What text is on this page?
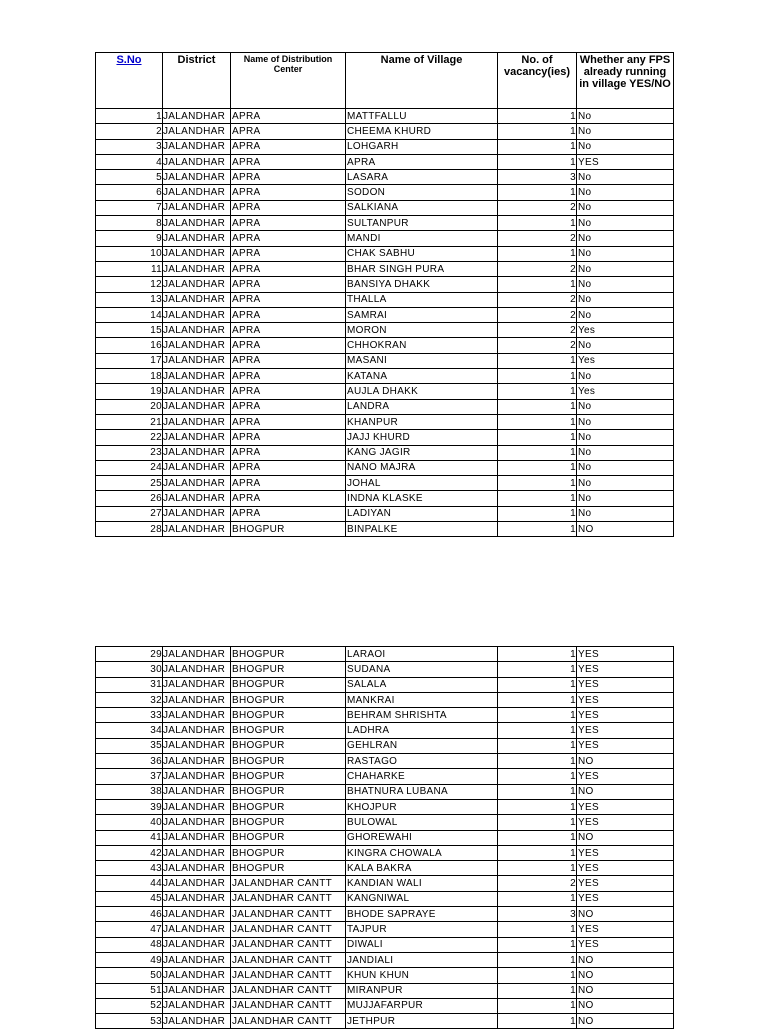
S.No	District	Name of Distribution Center	Name of Village	No. of vacancy(ies)	Whether any FPS already running in village YES/NO
1	JALANDHAR	APRA	MATTFALLU	1	No
2	JALANDHAR	APRA	CHEEMA KHURD	1	No
3	JALANDHAR	APRA	LOHGARH	1	No
4	JALANDHAR	APRA	APRA	1	YES
5	JALANDHAR	APRA	LASARA	3	No
6	JALANDHAR	APRA	SODON	1	No
7	JALANDHAR	APRA	SALKIANA	2	No
8	JALANDHAR	APRA	SULTANPUR	1	No
9	JALANDHAR	APRA	MANDI	2	No
10	JALANDHAR	APRA	CHAK SABHU	1	No
11	JALANDHAR	APRA	BHAR SINGH PURA	2	No
12	JALANDHAR	APRA	BANSIYA DHAKK	1	No
13	JALANDHAR	APRA	THALLA	2	No
14	JALANDHAR	APRA	SAMRAI	2	No
15	JALANDHAR	APRA	MORON	2	Yes
16	JALANDHAR	APRA	CHHOKRAN	2	No
17	JALANDHAR	APRA	MASANI	1	Yes
18	JALANDHAR	APRA	KATANA	1	No
19	JALANDHAR	APRA	AUJLA DHAKK	1	Yes
20	JALANDHAR	APRA	LANDRA	1	No
21	JALANDHAR	APRA	KHANPUR	1	No
22	JALANDHAR	APRA	JAJJ KHURD	1	No
23	JALANDHAR	APRA	KANG JAGIR	1	No
24	JALANDHAR	APRA	NANO MAJRA	1	No
25	JALANDHAR	APRA	JOHAL	1	No
26	JALANDHAR	APRA	INDNA KLASKE	1	No
27	JALANDHAR	APRA	LADIYAN	1	No
28	JALANDHAR	BHOGPUR	BINPALKE	1	NO
29	JALANDHAR	BHOGPUR	LARAOI	1	YES
30	JALANDHAR	BHOGPUR	SUDANA	1	YES
31	JALANDHAR	BHOGPUR	SALALA	1	YES
32	JALANDHAR	BHOGPUR	MANKRAI	1	YES
33	JALANDHAR	BHOGPUR	BEHRAM SHRISHTA	1	YES
34	JALANDHAR	BHOGPUR	LADHRA	1	YES
35	JALANDHAR	BHOGPUR	GEHLRAN	1	YES
36	JALANDHAR	BHOGPUR	RASTAGO	1	NO
37	JALANDHAR	BHOGPUR	CHAHARKE	1	YES
38	JALANDHAR	BHOGPUR	BHATNURA LUBANA	1	NO
39	JALANDHAR	BHOGPUR	KHOJPUR	1	YES
40	JALANDHAR	BHOGPUR	BULOWAL	1	YES
41	JALANDHAR	BHOGPUR	GHOREWAHI	1	NO
42	JALANDHAR	BHOGPUR	KINGRA CHOWALA	1	YES
43	JALANDHAR	BHOGPUR	KALA BAKRA	1	YES
44	JALANDHAR	JALANDHAR CANTT	KANDIAN WALI	2	YES
45	JALANDHAR	JALANDHAR CANTT	KANGNIWAL	1	YES
46	JALANDHAR	JALANDHAR CANTT	BHODE SAPRAYE	3	NO
47	JALANDHAR	JALANDHAR CANTT	TAJPUR	1	YES
48	JALANDHAR	JALANDHAR CANTT	DIWALI	1	YES
49	JALANDHAR	JALANDHAR CANTT	JANDIALI	1	NO
50	JALANDHAR	JALANDHAR CANTT	KHUN KHUN	1	NO
51	JALANDHAR	JALANDHAR CANTT	MIRANPUR	1	NO
52	JALANDHAR	JALANDHAR CANTT	MUJJAFARPUR	1	NO
53	JALANDHAR	JALANDHAR CANTT	JETHPUR	1	NO
